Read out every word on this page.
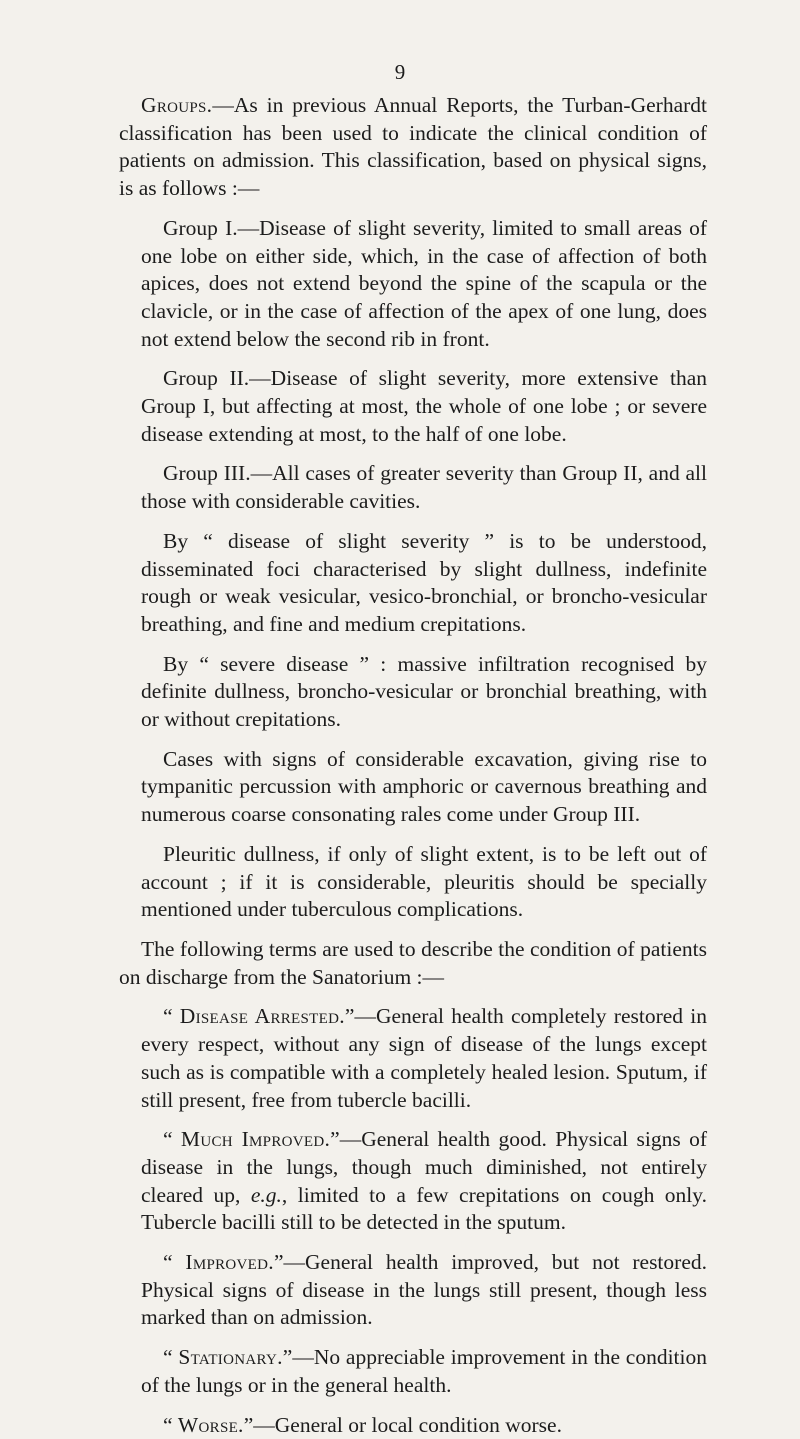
9

Groups.—As in previous Annual Reports, the Turban-Gerhardt classification has been used to indicate the clinical condition of patients on admission. This classification, based on physical signs, is as follows :—

Group I.—Disease of slight severity, limited to small areas of one lobe on either side, which, in the case of affection of both apices, does not extend beyond the spine of the scapula or the clavicle, or in the case of affection of the apex of one lung, does not extend below the second rib in front.

Group II.—Disease of slight severity, more extensive than Group I, but affecting at most, the whole of one lobe ; or severe disease extending at most, to the half of one lobe.

Group III.—All cases of greater severity than Group II, and all those with considerable cavities.

By “ disease of slight severity ” is to be understood, disseminated foci characterised by slight dullness, indefinite rough or weak vesicular, vesico-bronchial, or broncho-vesicular breathing, and fine and medium crepitations.

By “ severe disease ” : massive infiltration recognised by definite dullness, broncho-vesicular or bronchial breathing, with or without crepitations.

Cases with signs of considerable excavation, giving rise to tympanitic percussion with amphoric or cavernous breathing and numerous coarse consonating rales come under Group III.

Pleuritic dullness, if only of slight extent, is to be left out of account ; if it is considerable, pleuritis should be specially mentioned under tuberculous complications.

The following terms are used to describe the condition of patients on discharge from the Sanatorium :—

“ Disease Arrested.”—General health completely restored in every respect, without any sign of disease of the lungs except such as is compatible with a completely healed lesion. Sputum, if still present, free from tubercle bacilli.

“ Much Improved.”—General health good. Physical signs of disease in the lungs, though much diminished, not entirely cleared up, e.g., limited to a few crepitations on cough only. Tubercle bacilli still to be detected in the sputum.

“ Improved.”—General health improved, but not restored. Physical signs of disease in the lungs still present, though less marked than on admission.

“ Stationary.”—No appreciable improvement in the condition of the lungs or in the general health.

“ Worse.”—General or local condition worse.
